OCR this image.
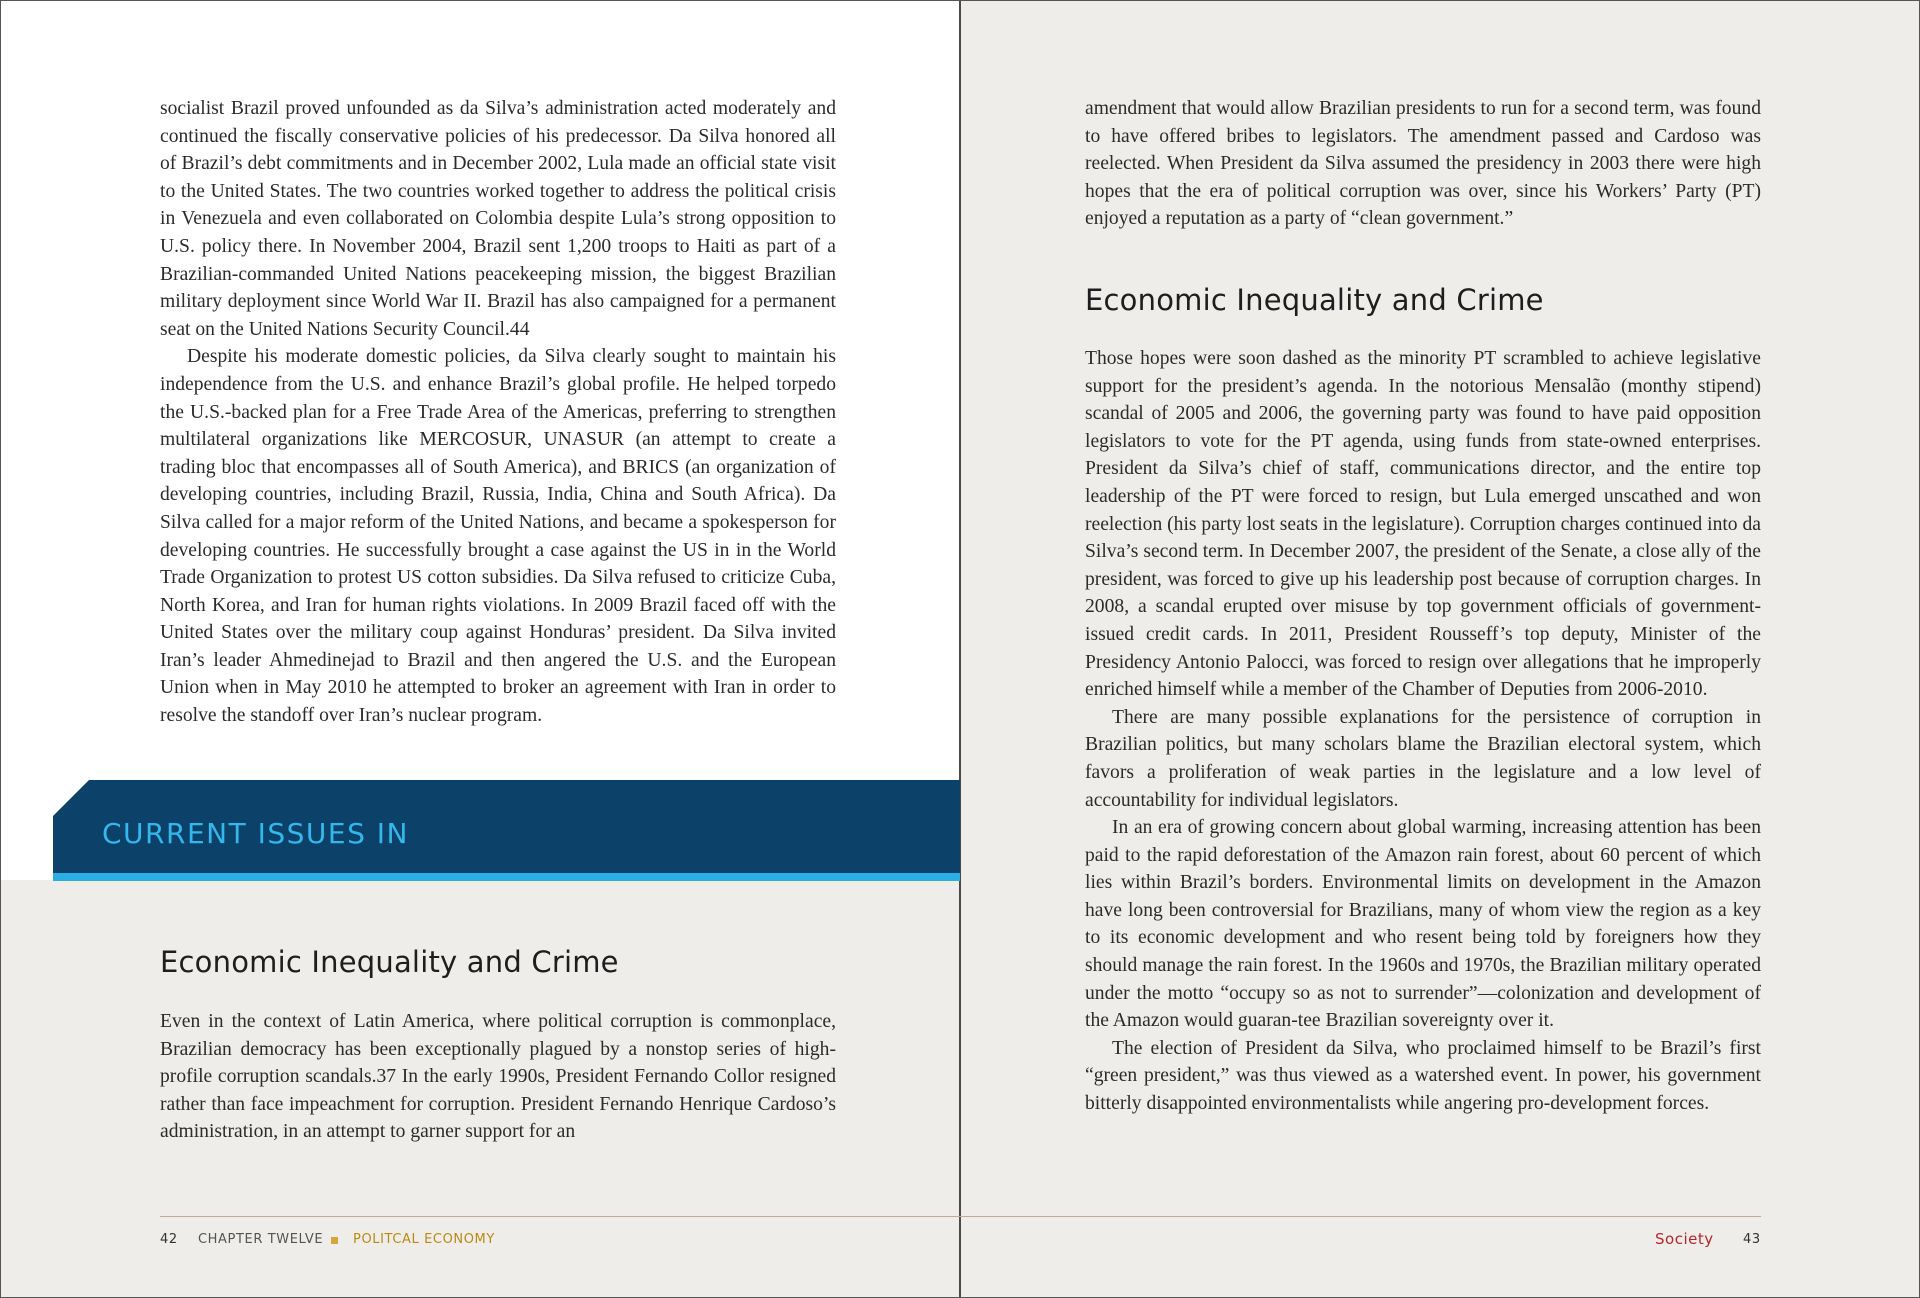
socialist Brazil proved unfounded as da Silva’s administration acted moderately and continued the fiscally conservative policies of his predecessor. Da Silva honored all of Brazil’s debt commitments and in December 2002, Lula made an official state visit to the United States. The two countries worked together to address the political crisis in Venezuela and even collaborated on Colombia despite Lula’s strong opposition to U.S. policy there. In November 2004, Brazil sent 1,200 troops to Haiti as part of a Brazilian-commanded United Nations peacekeeping mission, the biggest Brazilian military deployment since World War II. Brazil has also campaigned for a permanent seat on the United Nations Security Council.44

Despite his moderate domestic policies, da Silva clearly sought to maintain his independence from the U.S. and enhance Brazil’s global profile. He helped torpedo the U.S.-backed plan for a Free Trade Area of the Americas, preferring to strengthen multilateral organizations like MERCOSUR, UNASUR (an attempt to create a trading bloc that encompasses all of South America), and BRICS (an organization of developing countries, including Brazil, Russia, India, China and South Africa). Da Silva called for a major reform of the United Nations, and became a spokesperson for developing countries. He successfully brought a case against the US in in the World Trade Organization to protest US cotton subsidies. Da Silva refused to criticize Cuba, North Korea, and Iran for human rights violations. In 2009 Brazil faced off with the United States over the military coup against Honduras’ president. Da Silva invited Iran’s leader Ahmedinejad to Brazil and then angered the U.S. and the European Union when in May 2010 he attempted to broker an agreement with Iran in order to resolve the standoff over Iran’s nuclear program.

CURRENT ISSUES IN
Economic Inequality and Crime

Even in the context of Latin America, where political corruption is commonplace, Brazilian democracy has been exceptionally plagued by a nonstop series of high-profile corruption scandals.37 In the early 1990s, President Fernando Collor resigned rather than face impeachment for corruption. President Fernando Henrique Cardoso’s administration, in an attempt to garner support for an

amendment that would allow Brazilian presidents to run for a second term, was found to have offered bribes to legislators. The amendment passed and Cardoso was reelected. When President da Silva assumed the presidency in 2003 there were high hopes that the era of political corruption was over, since his Workers’ Party (PT) enjoyed a reputation as a party of “clean government.”

Economic Inequality and Crime

Those hopes were soon dashed as the minority PT scrambled to achieve legislative support for the president’s agenda. In the notorious Mensalão (monthy stipend) scandal of 2005 and 2006, the governing party was found to have paid opposition legislators to vote for the PT agenda, using funds from state-owned enterprises. President da Silva’s chief of staff, communications director, and the entire top leadership of the PT were forced to resign, but Lula emerged unscathed and won reelection (his party lost seats in the legislature). Corruption charges continued into da Silva’s second term. In December 2007, the president of the Senate, a close ally of the president, was forced to give up his leadership post because of corruption charges. In 2008, a scandal erupted over misuse by top government officials of government-issued credit cards. In 2011, President Rousseff’s top deputy, Minister of the Presidency Antonio Palocci, was forced to resign over allegations that he improperly enriched himself while a member of the Chamber of Deputies from 2006-2010.

There are many possible explanations for the persistence of corruption in Brazilian politics, but many scholars blame the Brazilian electoral system, which favors a proliferation of weak parties in the legislature and a low level of accountability for individual legislators.

In an era of growing concern about global warming, increasing attention has been paid to the rapid deforestation of the Amazon rain forest, about 60 percent of which lies within Brazil’s borders. Environmental limits on development in the Amazon have long been controversial for Brazilians, many of whom view the region as a key to its economic development and who resent being told by foreigners how they should manage the rain forest. In the 1960s and 1970s, the Brazilian military operated under the motto “occupy so as not to surrender”—colonization and development of the Amazon would guaran-tee Brazilian sovereignty over it.

The election of President da Silva, who proclaimed himself to be Brazil’s first “green president,” was thus viewed as a watershed event. In power, his government bitterly disappointed environmentalists while angering pro-development forces.

42 CHAPTER TWELVE POLITCAL ECONOMY	Society 43
